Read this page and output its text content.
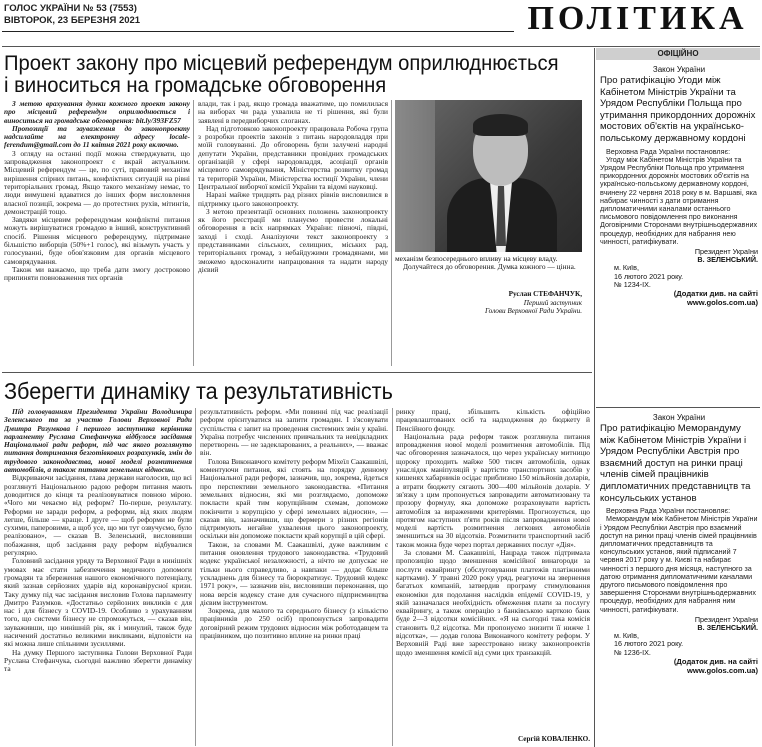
ГОЛОС УКРАЇНИ № 53 (7553)
ВІВТОРОК, 23 БЕРЕЗНЯ 2021	ПОЛІТИКА
Проект закону про місцевий референдум оприлюднюється і виноситься на громадське обговорення

З метою врахування думки кожного проект закону про місцевий референдум оприлюднюється і виноситься на громадське обговорення: bit.ly/393FZ57

Пропозиції та зауваження до законопроекту надсилайте на електронну адресу locale-ferendum@gmail.com до 11 квітня 2021 року включно.

З огляду на останні події можна стверджувати, що запровадження законопроект є вкрай актуальним. Місцевий референдум — це, по суті, правовий механізм вирішення спірних питань, конфліктних ситуацій на рівні територіальних громад. Якщо такого механізму немає, то люди вимушені вдаватися до інших форм висловлення власної позиції, зокрема — до протестних рухів, мітингів, демонстрацій тощо.

Завдяки місцевим референдумам конфліктні питання можуть вирішуватися громадою в інший, конструктивний спосіб. Рішення місцевого референдуму, підтримане більшістю виборців (50%+1 голос), які візьмуть участь у голосуванні, буде обов'язковим для органів місцевого самоврядування.

Також ми важаємо, що треба дати змогу достроково припиняти повноваження тих органів

влади, так і рад, якщо громада вважатиме, що помилилася на виборах чи рада ухвалила не ті рішення, які були заявлені в передвиборчих слоганах.

Над підготовкою законопроекту працювала Робоча група з розробки проектів законів з питань народовладдя при моїй головуванні. До обговорень були залучені народні депутати України, представники провідних громадських організацій у сфері народовладдя, асоціації органів місцевого самоврядування, Міністерства розвитку громад та територій України, Міністерства юстиції України, члени Центральної виборчої комісії України та відомі науковці.

Наразі майже тридцять рад різних рівнів висловилися в підтримку цього законопроекту.

З метою презентації основних положень законопроекту як його реєстрації ми плануємо провести локальні обговорення в всіх напрямках України: півночі, півдні, заході і сході. Аналізуючи текст законопроекту з представниками сільських, селищних, міських рад, територіальних громад, з небайдужими громадянами, ми зможемо вдосконалити напрацювання та надати народу дієвий

механізм безпосереднього впливу на місцеву владу.

Долучайтеся до обговорення. Думка кожного — цінна.

Руслан СТЕФАНЧУК,
Перший заступник
Голови Верховної Ради України.
Зберегти динаміку та результативність

Під головуванням Президента України Володимира Зеленського та за участю Голови Верховної Ради Дмитра Разумкова і першого заступника керівника парламенту Руслана Стефанчука відбулося засідання Національної ради реформ, під час якого розглянуто питання дотримання безготівкових розрахунків, змін до трудового законодавства, нової моделі розмитнення автомобілів, а також питання земельних відносин.

Відкриваючи засідання, глава держави наголосив, що всі розглянуті Національною радою реформ питання мають доводитися до кінця та реалізовуватися повною мірою. «Чого ми чекаємо від реформ? По-перше, результату. Реформи не заради реформ, а реформи, від яких людям легше, більше — краще. І друге — щоб реформи не були сухими, паперовими, а щоб усе, що ми тут озвучуємо, було реалізовано», — сказав В. Зеленський, висловивши побажання, щоб засідання раду реформ відбувалися регулярно.

Головний засідання уряду та Верховної Ради в нинішніх умовах має стати забезпечення медичного допомоги громадян та збереження нашого економічного потенціалу, який зазнав серйозних ударів від коронавірусної кризи. Таку думку під час засідання висловив Голова парламенту Дмитро Разумков. «Достатньо серйозних викликів є для нас і для бізнесу з COVID-19. Особливо з урахуванням того, що системи бізнесу не спроможуться, — сказав він, зауваживши, що нинішній рік, як і минулий, також буде насичений достатньо великими викликами, відповісти на які можна лише спільними зусиллями.

На думку Першого заступника Голови Верховної Ради Руслана Стефанчука, сьогодні важливо зберегти динаміку та

результативність реформ. «Ми повинні під час реалізації реформ орієнтуватися на запити громадян. І з'ясовувати суспільства є запит на проведення системних змін у країні. Україна потребує численних привчальних та невідкладних перетворень — не задекларованих, а реальних», — вважає він.

Голова Виконавчого комітету реформ Міхеїл Саакашвілі, коментуючи питання, які стоять на порядку денному Національної ради реформ, зазначив, що, зокрема, йдеться про перспективи земельного законодавства. «Питання земельних відносин, які ми розглядаємо, допоможе покласти край тим корупційним схемам, допоможе покінчити з корупцією у сфері земельних відносин», — сказав він, зазначивши, що фермери з різних регіонів підтримують негайне ухвалення цього законопроекту, оскільки він допоможе покласти край корупції в цій сфері.

Також, за словами М. Саакашвілі, дуже важливим є питання оновлення трудового законодавства. «Трудовий кодекс української незалежності, а нічто не допускає не тільки нього справедливо, а навпаки — додає більше ускладнень для бізнесу та бюрократизує. Трудовий кодекс 1971 року», — зазначив він, висловивши переконання, що нова версія кодексу стане для сучасного підприємництва дієвим інструментом.

Зокрема, для малого та середнього бізнесу (з кількістю працівників до 250 осіб) пропонується запровадити договірний режим трудових відносин між роботодавцем та працівником, що позитивно вплине на ринки праці

ринку праці, збільшить кількість офіційно працевлаштованих осіб та надходження до бюджету й Пенсійного фонду.

Національна рада реформ також розглянула питання впровадження нової моделі розмитнення автомобілів. Під час обговорення зазначалося, що через українську митницю щороку проходить майже 500 тисяч автомобілів, однак унаслідок маніпуляцій у вартістю транспортних засобів у кишенях хабарників осідає приблизно 150 мільйонів доларів, а втрати бюджету сягають 300—400 мільйонів доларів. У зв'язку з цим пропонується запровадити автоматизовану та прозору формулу, яка допоможе розраховувати вартість автомобіля за вираженими критеріями. Прогнозується, що протягом наступних п'яти років після запровадження нової моделі вартість розмитнення легкових автомобілів зменшиться на 30 відсотків. Розмитнити транспортний засіб також можна буде через портал державних послуг «Дія».

За словами М. Саакашвілі, Нацрада також підтримала пропозицію щодо зменшення комісійної винагороди за послуги еквайрингу (обслуговування платежів платіжними картками). У травні 2020 року уряд, реагуючи на звернення багатьох компаній, затвердив програму стимулювання економіки для подолання наслідків епідемії COVID-19, у якій зазначалася необхідність обмеження плати за послугу еквайрингу, а також операцію з банківською карткою банк буде 2—3 відсотки комісійних. «Я на сьогодні така комісія становить 0,2 відсотка. Ми пропонуємо знизити її нижче 1 відсотка», — додав голова Виконавчого комітету реформ. У Верховній Раді вже зареєстровано низку законопроектів щодо зменшення комісії від суми цих транзакцій.

Сергій КОВАЛЕНКО.
ОФІЦІЙНО
Закон України
Про ратифікацію Угоди між Кабінетом Міністрів України та Урядом Республіки Польща про утримання прикордонних дорожніх мостових об'єктів на українсько-польському державному кордоні

Верховна Рада України постановляє:

Угоду між Кабінетом Міністрів України та Урядом Республіки Польща про утримання прикордонних дорожніх мостових об'єктів на українсько-польському державному кордоні, вчинену 22 червня 2018 року в м. Варшаві, яка набирає чинності з дати отримання дипломатичними каналами останнього письмового повідомлення про виконання Договірними Сторонами внутрішньодержавних процедур, необхідних для набрання нею чинності, ратифікувати.

Президент України
В. ЗЕЛЕНСЬКИЙ.
м. Київ,
16 лютого 2021 року.
№ 1234-IX.
(Додатки див. на сайті
www.golos.com.ua)
Закон України
Про ратифікацію Меморандуму між Кабінетом Міністрів України і Урядом Республіки Австрія про взаємний доступ на ринки праці членів сімей працівників дипломатичних представництв та консульських установ

Верховна Рада України постановляє:

Меморандум між Кабінетом Міністрів України і Урядом Республіки Австрія про взаємний доступ на ринки праці членів сімей працівників дипломатичних представництв та консульських установ, який підписаний 7 червня 2017 року у м. Києві та набирає чинності з першого дня місяця, наступного за датою отримання дипломатичними каналами другого письмового повідомлення про завершення Сторонами внутрішньодержавних процедур, необхідних для набрання ним чинності, ратифікувати.

Президент України
В. ЗЕЛЕНСЬКИЙ.
м. Київ,
16 лютого 2021 року.
№ 1236-IX.
(Додаток див. на сайті
www.golos.com.ua)
